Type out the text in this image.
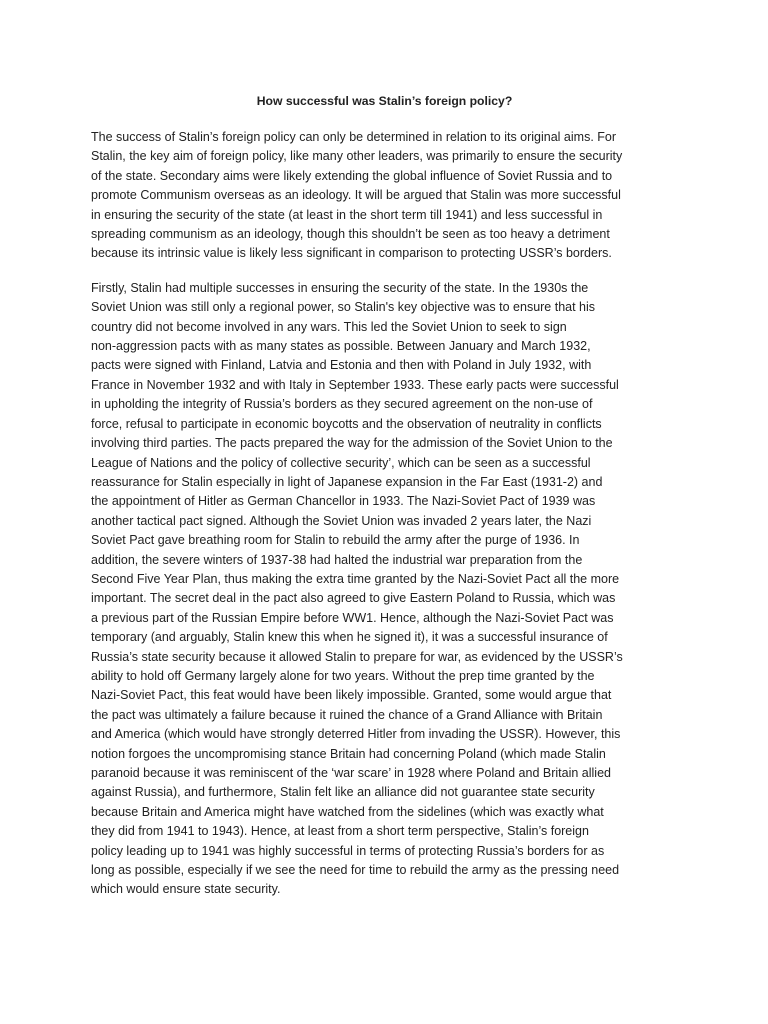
How successful was Stalin’s foreign policy?
The success of Stalin’s foreign policy can only be determined in relation to its original aims. For
Stalin, the key aim of foreign policy, like many other leaders, was primarily to ensure the security
of the state. Secondary aims were likely extending the global influence of Soviet Russia and to
promote Communism overseas as an ideology. It will be argued that Stalin was more successful
in ensuring the security of the state (at least in the short term till 1941) and less successful in
spreading communism as an ideology, though this shouldn’t be seen as too heavy a detriment
because its intrinsic value is likely less significant in comparison to protecting USSR’s borders.
Firstly, Stalin had multiple successes in ensuring the security of the state. In the 1930s the
Soviet Union was still only a regional power, so Stalin's key objective was to ensure that his
country did not become involved in any wars. This led the Soviet Union to seek to sign
non-aggression pacts with as many states as possible. Between January and March 1932,
pacts were signed with Finland, Latvia and Estonia and then with Poland in July 1932, with
France in November 1932 and with Italy in September 1933. These early pacts were successful
in upholding the integrity of Russia’s borders as they secured agreement on the non-use of
force, refusal to participate in economic boycotts and the observation of neutrality in conflicts
involving third parties. The pacts prepared the way for the admission of the Soviet Union to the
League of Nations and the policy of collective security’, which can be seen as a successful
reassurance for Stalin especially in light of Japanese expansion in the Far East (1931-2) and
the appointment of Hitler as German Chancellor in 1933. The Nazi-Soviet Pact of 1939 was
another tactical pact signed. Although the Soviet Union was invaded 2 years later, the Nazi
Soviet Pact gave breathing room for Stalin to rebuild the army after the purge of 1936. In
addition, the severe winters of 1937-38 had halted the industrial war preparation from the
Second Five Year Plan, thus making the extra time granted by the Nazi-Soviet Pact all the more
important. The secret deal in the pact also agreed to give Eastern Poland to Russia, which was
a previous part of the Russian Empire before WW1. Hence, although the Nazi-Soviet Pact was
temporary (and arguably, Stalin knew this when he signed it), it was a successful insurance of
Russia’s state security because it allowed Stalin to prepare for war, as evidenced by the USSR’s
ability to hold off Germany largely alone for two years. Without the prep time granted by the
Nazi-Soviet Pact, this feat would have been likely impossible. Granted, some would argue that
the pact was ultimately a failure because it ruined the chance of a Grand Alliance with Britain
and America (which would have strongly deterred Hitler from invading the USSR). However, this
notion forgoes the uncompromising stance Britain had concerning Poland (which made Stalin
paranoid because it was reminiscent of the ‘war scare’ in 1928 where Poland and Britain allied
against Russia), and furthermore, Stalin felt like an alliance did not guarantee state security
because Britain and America might have watched from the sidelines (which was exactly what
they did from 1941 to 1943). Hence, at least from a short term perspective, Stalin’s foreign
policy leading up to 1941 was highly successful in terms of protecting Russia’s borders for as
long as possible, especially if we see the need for time to rebuild the army as the pressing need
which would ensure state security.
